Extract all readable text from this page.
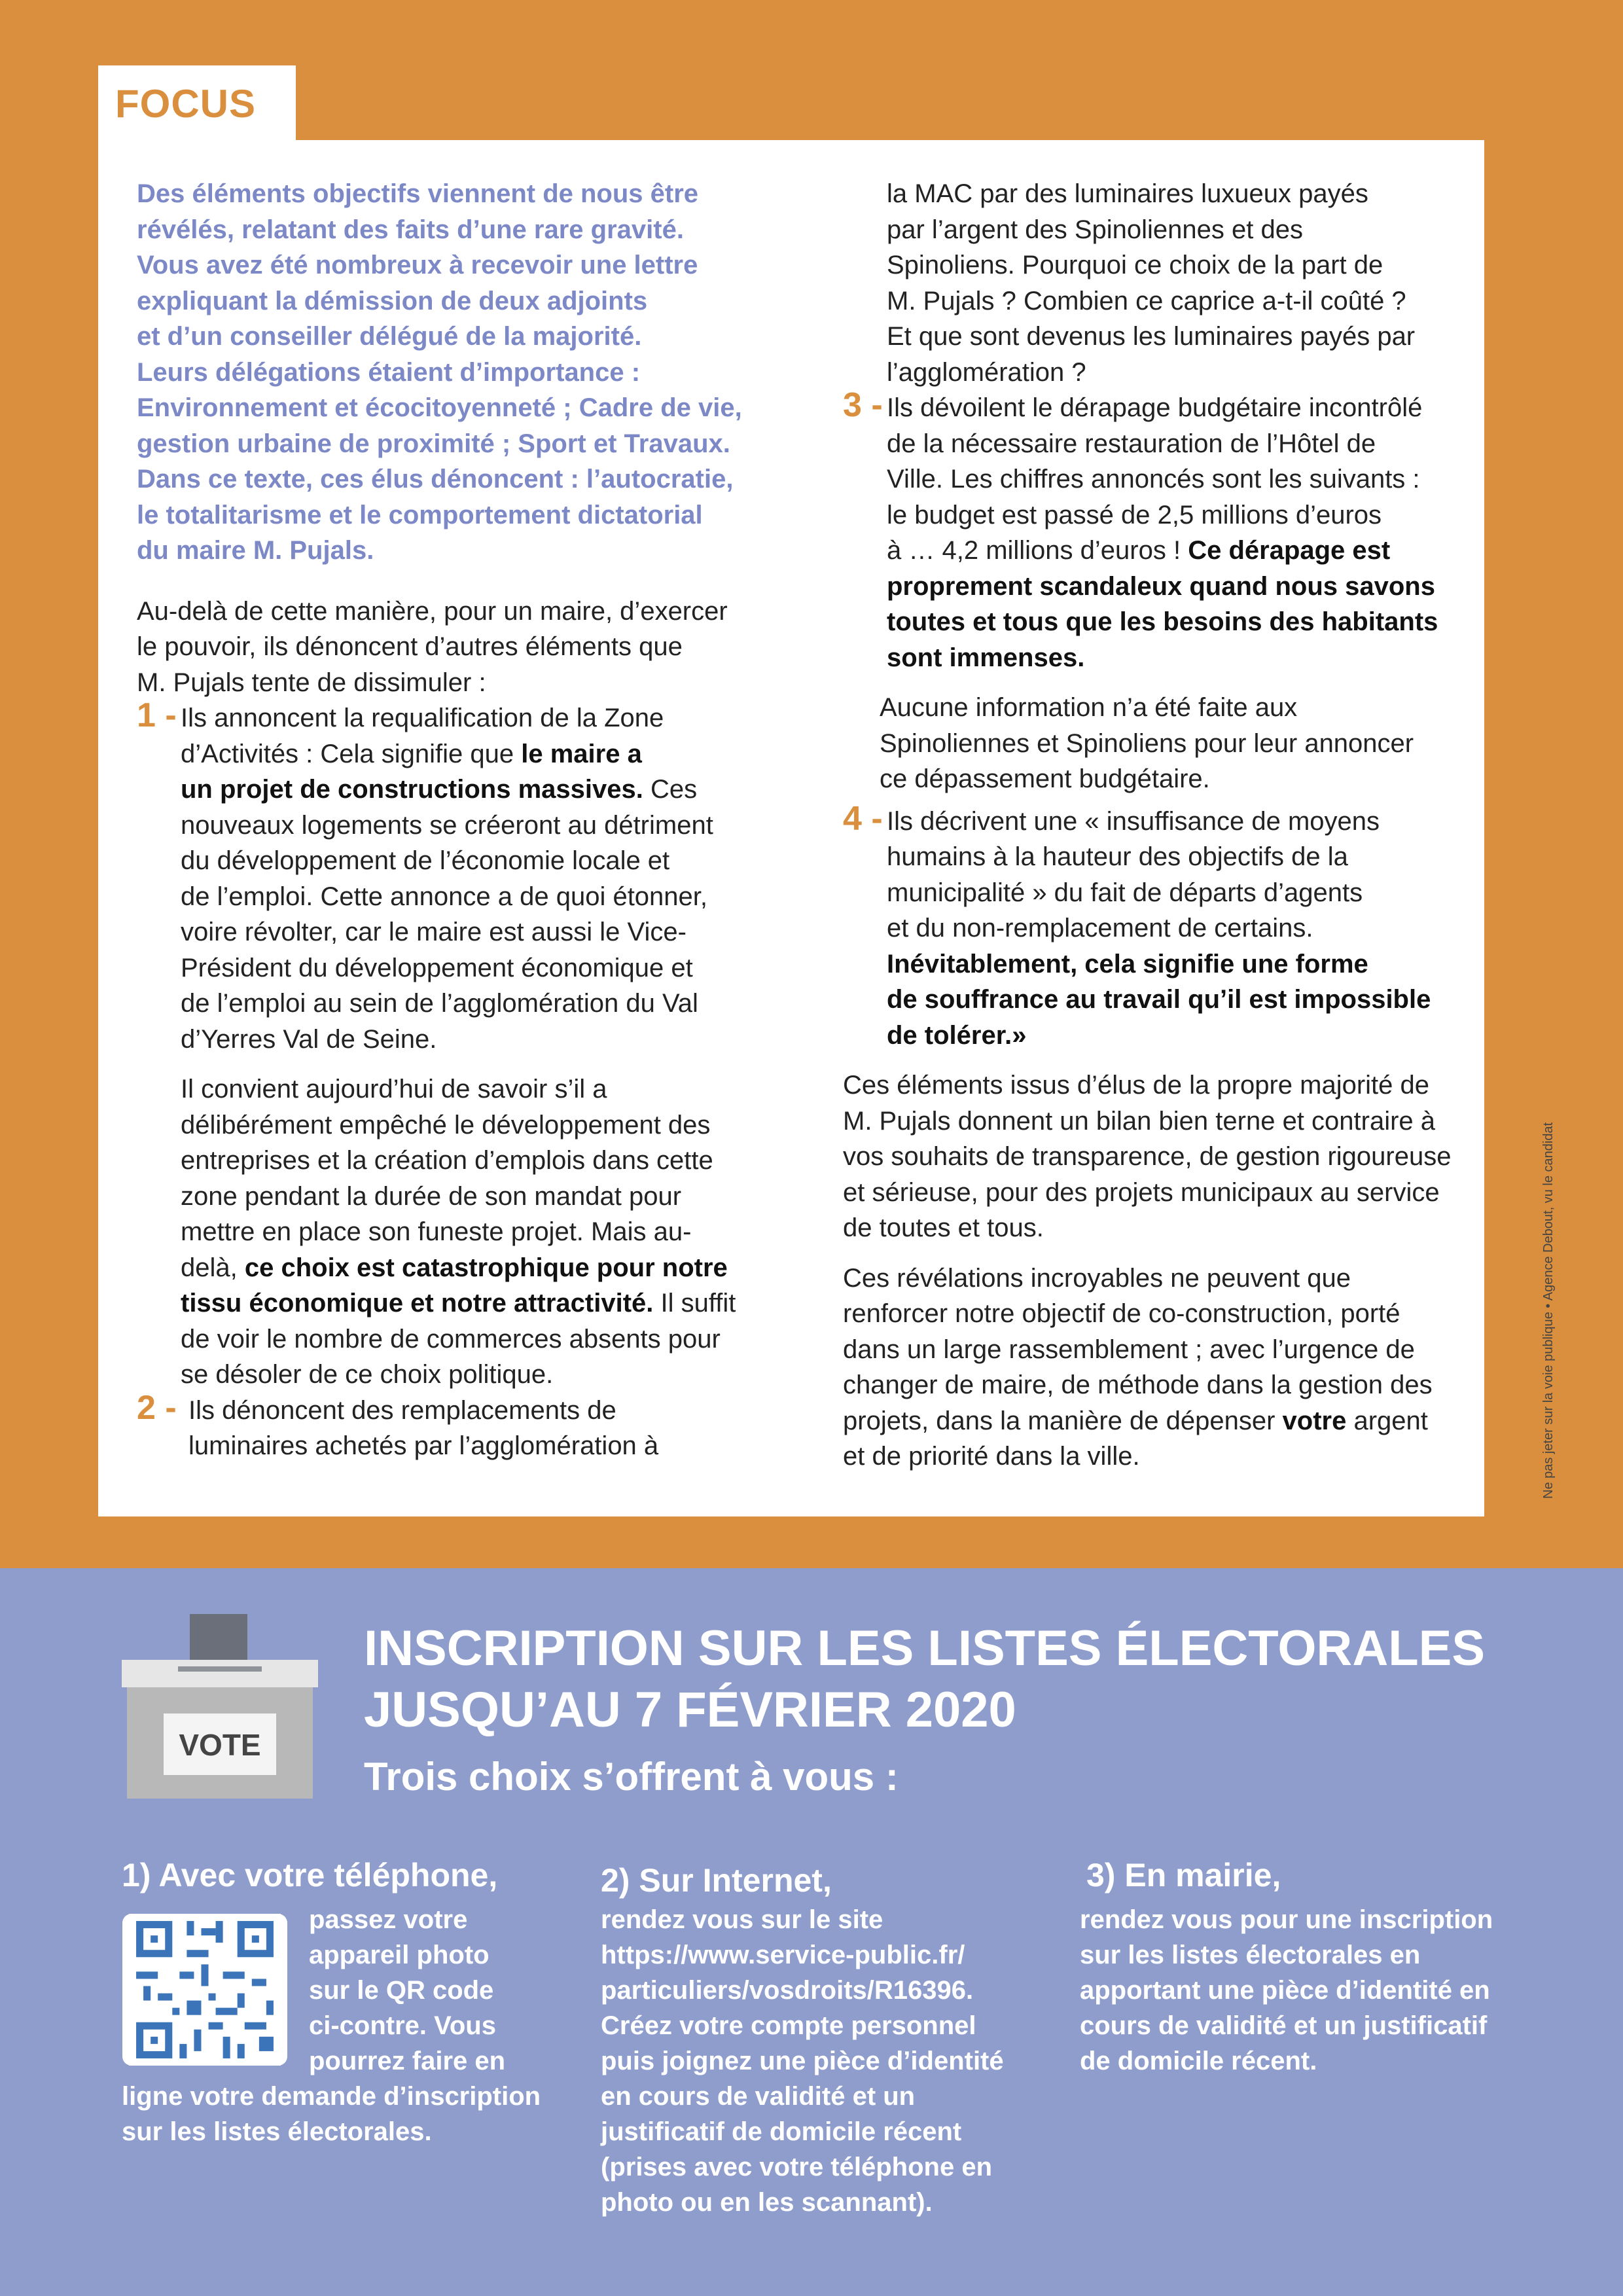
Des éléments objectifs viennent de nous être

révélés, relatant des faits d’une rare gravité.

Vous avez été nombreux à recevoir une lettre

expliquant la démission de deux adjoints

et d’un conseiller délégué de la majorité.

Leurs délégations étaient d’importance :

Environnement et écocitoyenneté ; Cadre de vie,

gestion urbaine de proximité ; Sport et Travaux.

Dans ce texte, ces élus dénoncent : l’autocratie,

le totalitarisme et le comportement dictatorial

du maire M. Pujals.

Au-delà de cette manière, pour un maire, d’exercer

le pouvoir, ils dénoncent d’autres éléments que

M. Pujals tente de dissimuler :

1 - Ils annoncent la requalification de la Zone

d’Activités : Cela signifie que le maire a

un projet de constructions massives. Ces

nouveaux logements se créeront au détriment

du développement de l’économie locale et

de l’emploi. Cette annonce a de quoi étonner,

voire révolter, car le maire est aussi le Vice-

Président du développement économique et

de l’emploi au sein de l’agglomération du Val

d’Yerres Val de Seine.

Il convient aujourd’hui de savoir s’il a

délibérément empêché le développement des

entreprises et la création d’emplois dans cette

zone pendant la durée de son mandat pour

mettre en place son funeste projet. Mais au-

delà, ce choix est catastrophique pour notre

tissu économique et notre attractivité. Il suffit

de voir le nombre de commerces absents pour

se désoler de ce choix politique.

2 - Ils dénoncent des remplacements de

luminaires achetés par l’agglomération à

la MAC par des luminaires luxueux payés

par l’argent des Spinoliennes et des

Spinoliens. Pourquoi ce choix de la part de

M. Pujals ? Combien ce caprice a-t-il coûté ?

Et que sont devenus les luminaires payés par

l’agglomération ?

3 - Ils dévoilent le dérapage budgétaire incontrôlé

de la nécessaire restauration de l’Hôtel de

Ville. Les chiffres annoncés sont les suivants :

le budget est passé de 2,5 millions d’euros

à … 4,2 millions d’euros ! Ce dérapage est

proprement scandaleux quand nous savons

toutes et tous que les besoins des habitants

sont immenses.

Aucune information n’a été faite aux

Spinoliennes et Spinoliens pour leur annoncer

ce dépassement budgétaire.

4 - Ils décrivent une « insuffisance de moyens

humains à la hauteur des objectifs de la

municipalité » du fait de départs d’agents

et du non-remplacement de certains.

Inévitablement, cela signifie une forme

de souffrance au travail qu’il est impossible

de tolérer.»

Ces éléments issus d’élus de la propre majorité de

M. Pujals donnent un bilan bien terne et contraire à

vos souhaits de transparence, de gestion rigoureuse

et sérieuse, pour des projets municipaux au service

de toutes et tous.

Ces révélations incroyables ne peuvent que

renforcer notre objectif de co-construction, porté

dans un large rassemblement ; avec l’urgence de

changer de maire, de méthode dans la gestion des

projets, dans la manière de dépenser votre argent

et de priorité dans la ville.

FOCUS
Ne pas jeter sur la voie publique • Agence Debout, vu le candidat
VOTE
INSCRIPTION SUR LES LISTES ÉLECTORALES
JUSQU’AU 7 FÉVRIER 2020
Trois choix s’offrent à vous :
1) Avec votre téléphone,
passez votre
appareil photo
sur le QR code
ci-contre. Vous
pourrez faire en
ligne votre demande d’inscription
sur les listes électorales.
2) Sur Internet,
rendez vous sur le site
https://www.service-public.fr/
particuliers/vosdroits/R16396.
Créez votre compte personnel
puis joignez une pièce d’identité
en cours de validité et un
justificatif de domicile récent
(prises avec votre téléphone en
photo ou en les scannant).
3) En mairie,
rendez vous pour une inscription
sur les listes électorales en
apportant une pièce d’identité en
cours de validité et un justificatif
de domicile récent.
